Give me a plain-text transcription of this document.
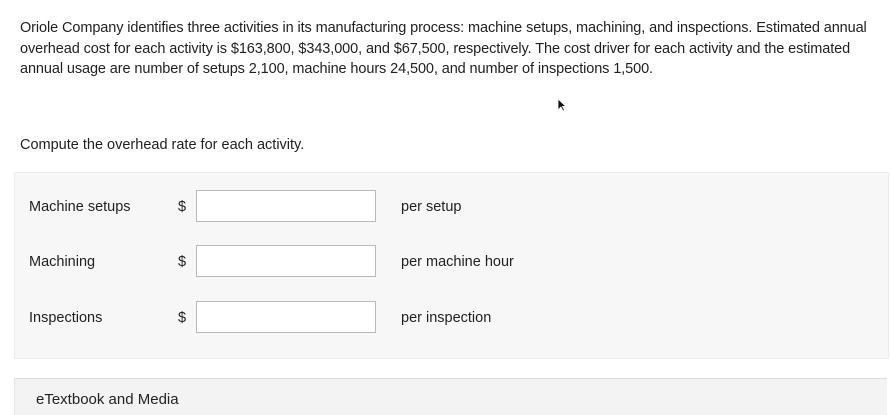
Oriole Company identifies three activities in its manufacturing process: machine setups, machining, and inspections. Estimated annual overhead cost for each activity is $163,800, $343,000, and $67,500, respectively. The cost driver for each activity and the estimated annual usage are number of setups 2,100, machine hours 24,500, and number of inspections 1,500.
Compute the overhead rate for each activity.
Machine setups	$	per setup
Machining	$	per machine hour
Inspections	$	per inspection
eTextbook and Media
